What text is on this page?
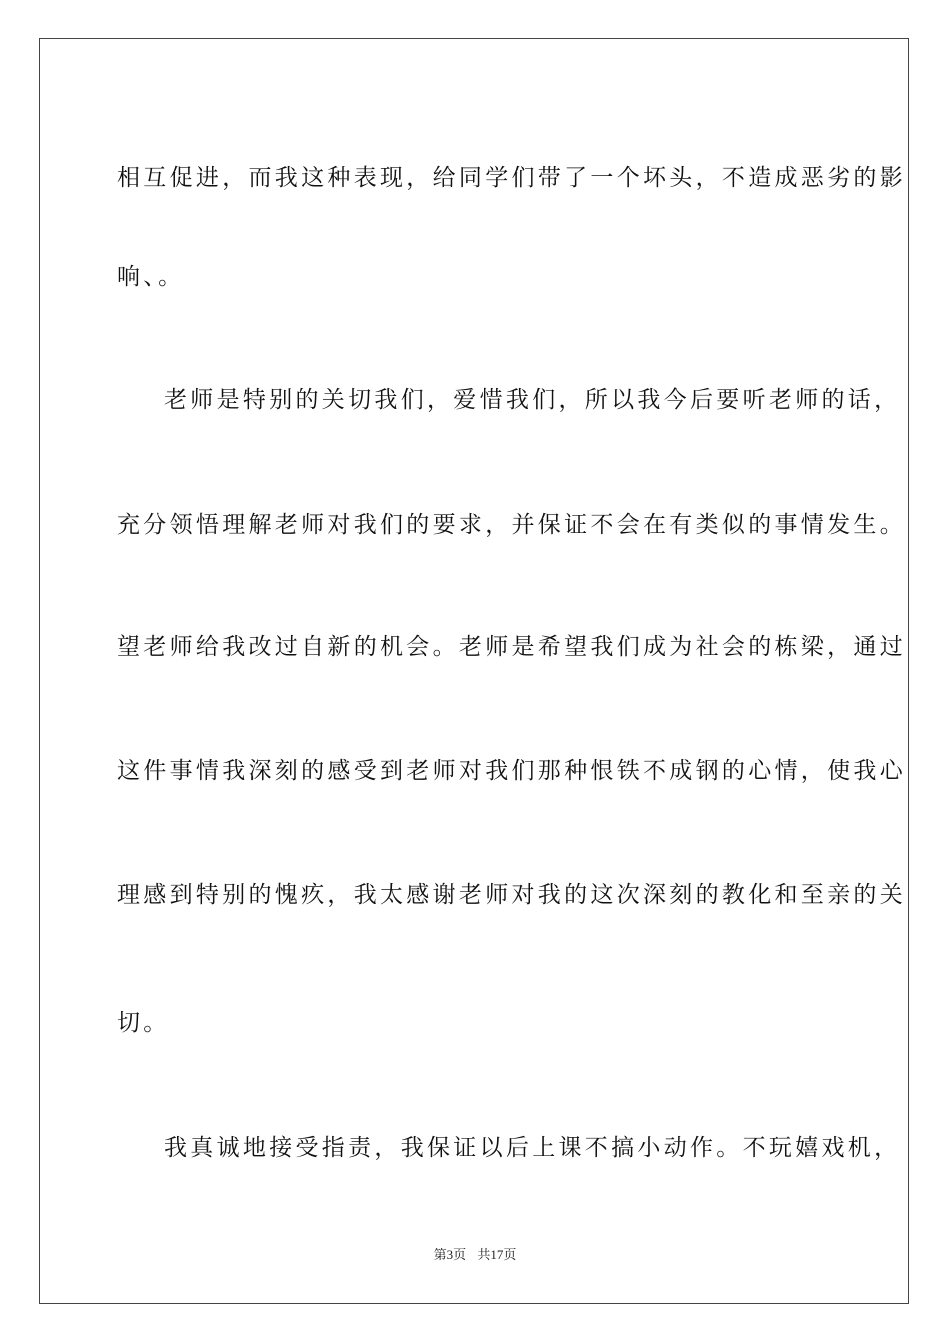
相互促进，而我这种表现，给同学们带了一个坏头，不造成恶劣的影

响、。

老师是特别的关切我们，爱惜我们，所以我今后要听老师的话，

充分领悟理解老师对我们的要求，并保证不会在有类似的事情发生。

望老师给我改过自新的机会。老师是希望我们成为社会的栋梁，通过

这件事情我深刻的感受到老师对我们那种恨铁不成钢的心情，使我心

理感到特别的愧疚，我太感谢老师对我的这次深刻的教化和至亲的关

切。

我真诚地接受指责，我保证以后上课不搞小动作。不玩嬉戏机，

第3页 共17页
